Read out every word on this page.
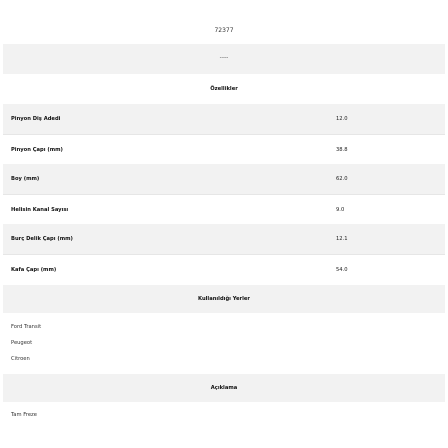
72377
----
Özellikler
Pinyon Diş Adedi	12.0
Pinyon Çapı (mm)	38.8
Boy (mm)	62.0
Helisin Kanal Sayısı	9.0
Burç Delik Çapı (mm)	12.1
Kafa Çapı (mm)	54.0
Kullanıldığı Yerler
Ford Transit
Peugeot
Citroen
Açıklama
Tam Freze
